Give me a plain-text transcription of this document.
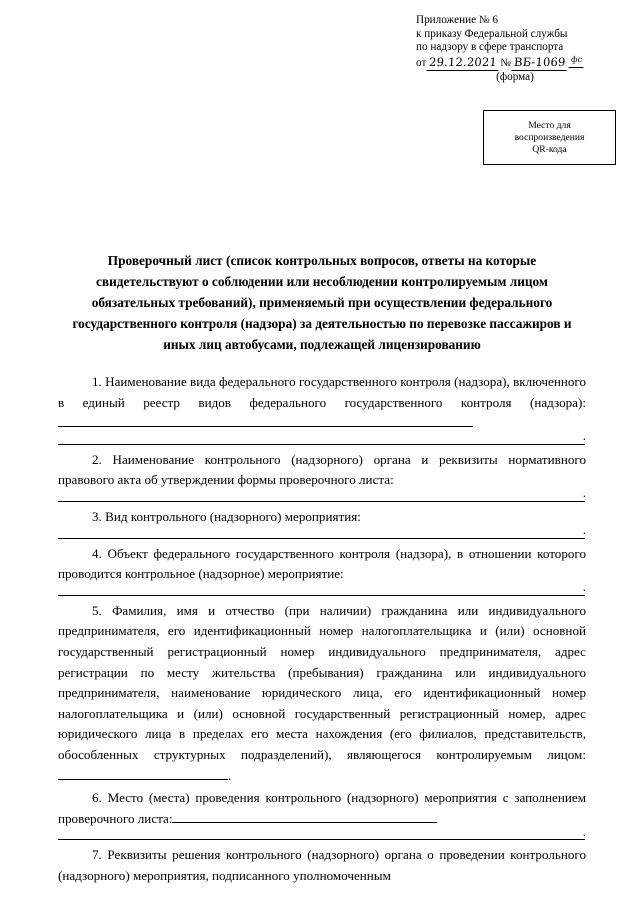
Приложение № 6
к приказу Федеральной службы
по надзору в сфере транспорта
от 29.12.2021 № ВБ-1069 фс
(форма)
Место для
воспроизведения
QR-кода
Проверочный лист (список контрольных вопросов, ответы на которые свидетельствуют о соблюдении или несоблюдении контролируемым лицом обязательных требований), применяемый при осуществлении федерального государственного контроля (надзора) за деятельностью по перевозке пассажиров и иных лиц автобусами, подлежащей лицензированию

1. Наименование вида федерального государственного контроля (надзора), включенного в единый реестр видов федерального государственного контроля (надзора):

.

2. Наименование контрольного (надзорного) органа и реквизиты нормативного правового акта об утверждении формы проверочного листа:

.

3. Вид контрольного (надзорного) мероприятия:

.

4. Объект федерального государственного контроля (надзора), в отношении которого проводится контрольное (надзорное) мероприятие:

.

5. Фамилия, имя и отчество (при наличии) гражданина или индивидуального предпринимателя, его идентификационный номер налогоплательщика и (или) основной государственный регистрационный номер индивидуального предпринимателя, адрес регистрации по месту жительства (пребывания) гражданина или индивидуального предпринимателя, наименование юридического лица, его идентификационный номер налогоплательщика и (или) основной государственный регистрационный номер, адрес юридического лица в пределах его места нахождения (его филиалов, представительств, обособленных структурных подразделений), являющегося контролируемым лицом:.

6. Место (места) проведения контрольного (надзорного) мероприятия с заполнением проверочного листа:

.

7. Реквизиты решения контрольного (надзорного) органа о проведении контрольного (надзорного) мероприятия, подписанного уполномоченным
